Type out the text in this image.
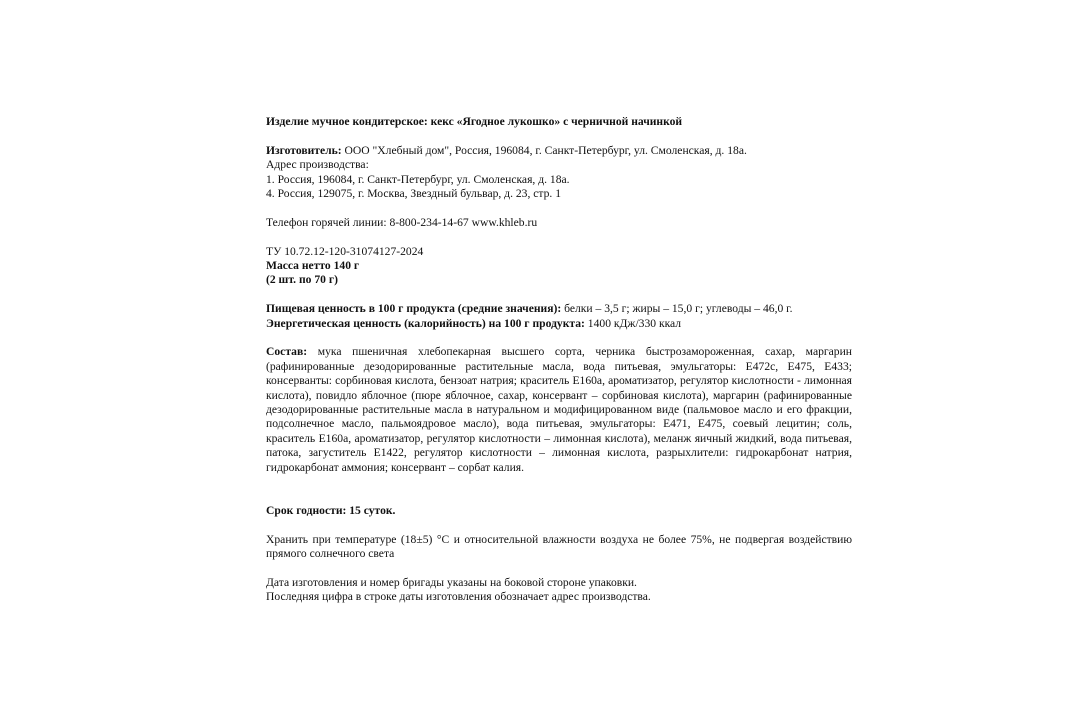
Изделие мучное кондитерское: кекс «Ягодное лукошко» с черничной начинкой

Изготовитель: ООО "Хлебный дом", Россия, 196084, г. Санкт-Петербург, ул. Смоленская, д. 18а.

Адрес производства:

1. Россия, 196084, г. Санкт-Петербург, ул. Смоленская, д. 18а.

4. Россия, 129075, г. Москва, Звездный бульвар, д. 23, стр. 1

Телефон горячей линии: 8-800-234-14-67 www.khleb.ru

ТУ 10.72.12-120-31074127-2024

Масса нетто 140 г

(2 шт. по 70 г)

Пищевая ценность в 100 г продукта (средние значения): белки – 3,5 г; жиры – 15,0 г; углеводы – 46,0 г.

Энергетическая ценность (калорийность) на 100 г продукта: 1400 кДж/330 ккал

Состав: мука пшеничная хлебопекарная высшего сорта, черника быстрозамороженная, сахар, маргарин (рафинированные дезодорированные растительные масла, вода питьевая, эмульгаторы: Е472с, Е475, Е433; консерванты: сорбиновая кислота, бензоат натрия; краситель Е160а, ароматизатор, регулятор кислотности - лимонная кислота), повидло яблочное (пюре яблочное, сахар, консервант – сорбиновая кислота), маргарин (рафинированные дезодорированные растительные масла в натуральном и модифицированном виде (пальмовое масло и его фракции, подсолнечное масло, пальмоядровое масло), вода питьевая, эмульгаторы: Е471, Е475, соевый лецитин; соль, краситель Е160а, ароматизатор, регулятор кислотности – лимонная кислота), меланж яичный жидкий, вода питьевая, патока, загуститель Е1422, регулятор кислотности – лимонная кислота, разрыхлители: гидрокарбонат натрия, гидрокарбонат аммония; консервант – сорбат калия.

Срок годности: 15 суток.

Хранить при температуре (18±5) °С и относительной влажности воздуха не более 75%, не подвергая воздействию прямого солнечного света

Дата изготовления и номер бригады указаны на боковой стороне упаковки.

Последняя цифра в строке даты изготовления обозначает адрес производства.
